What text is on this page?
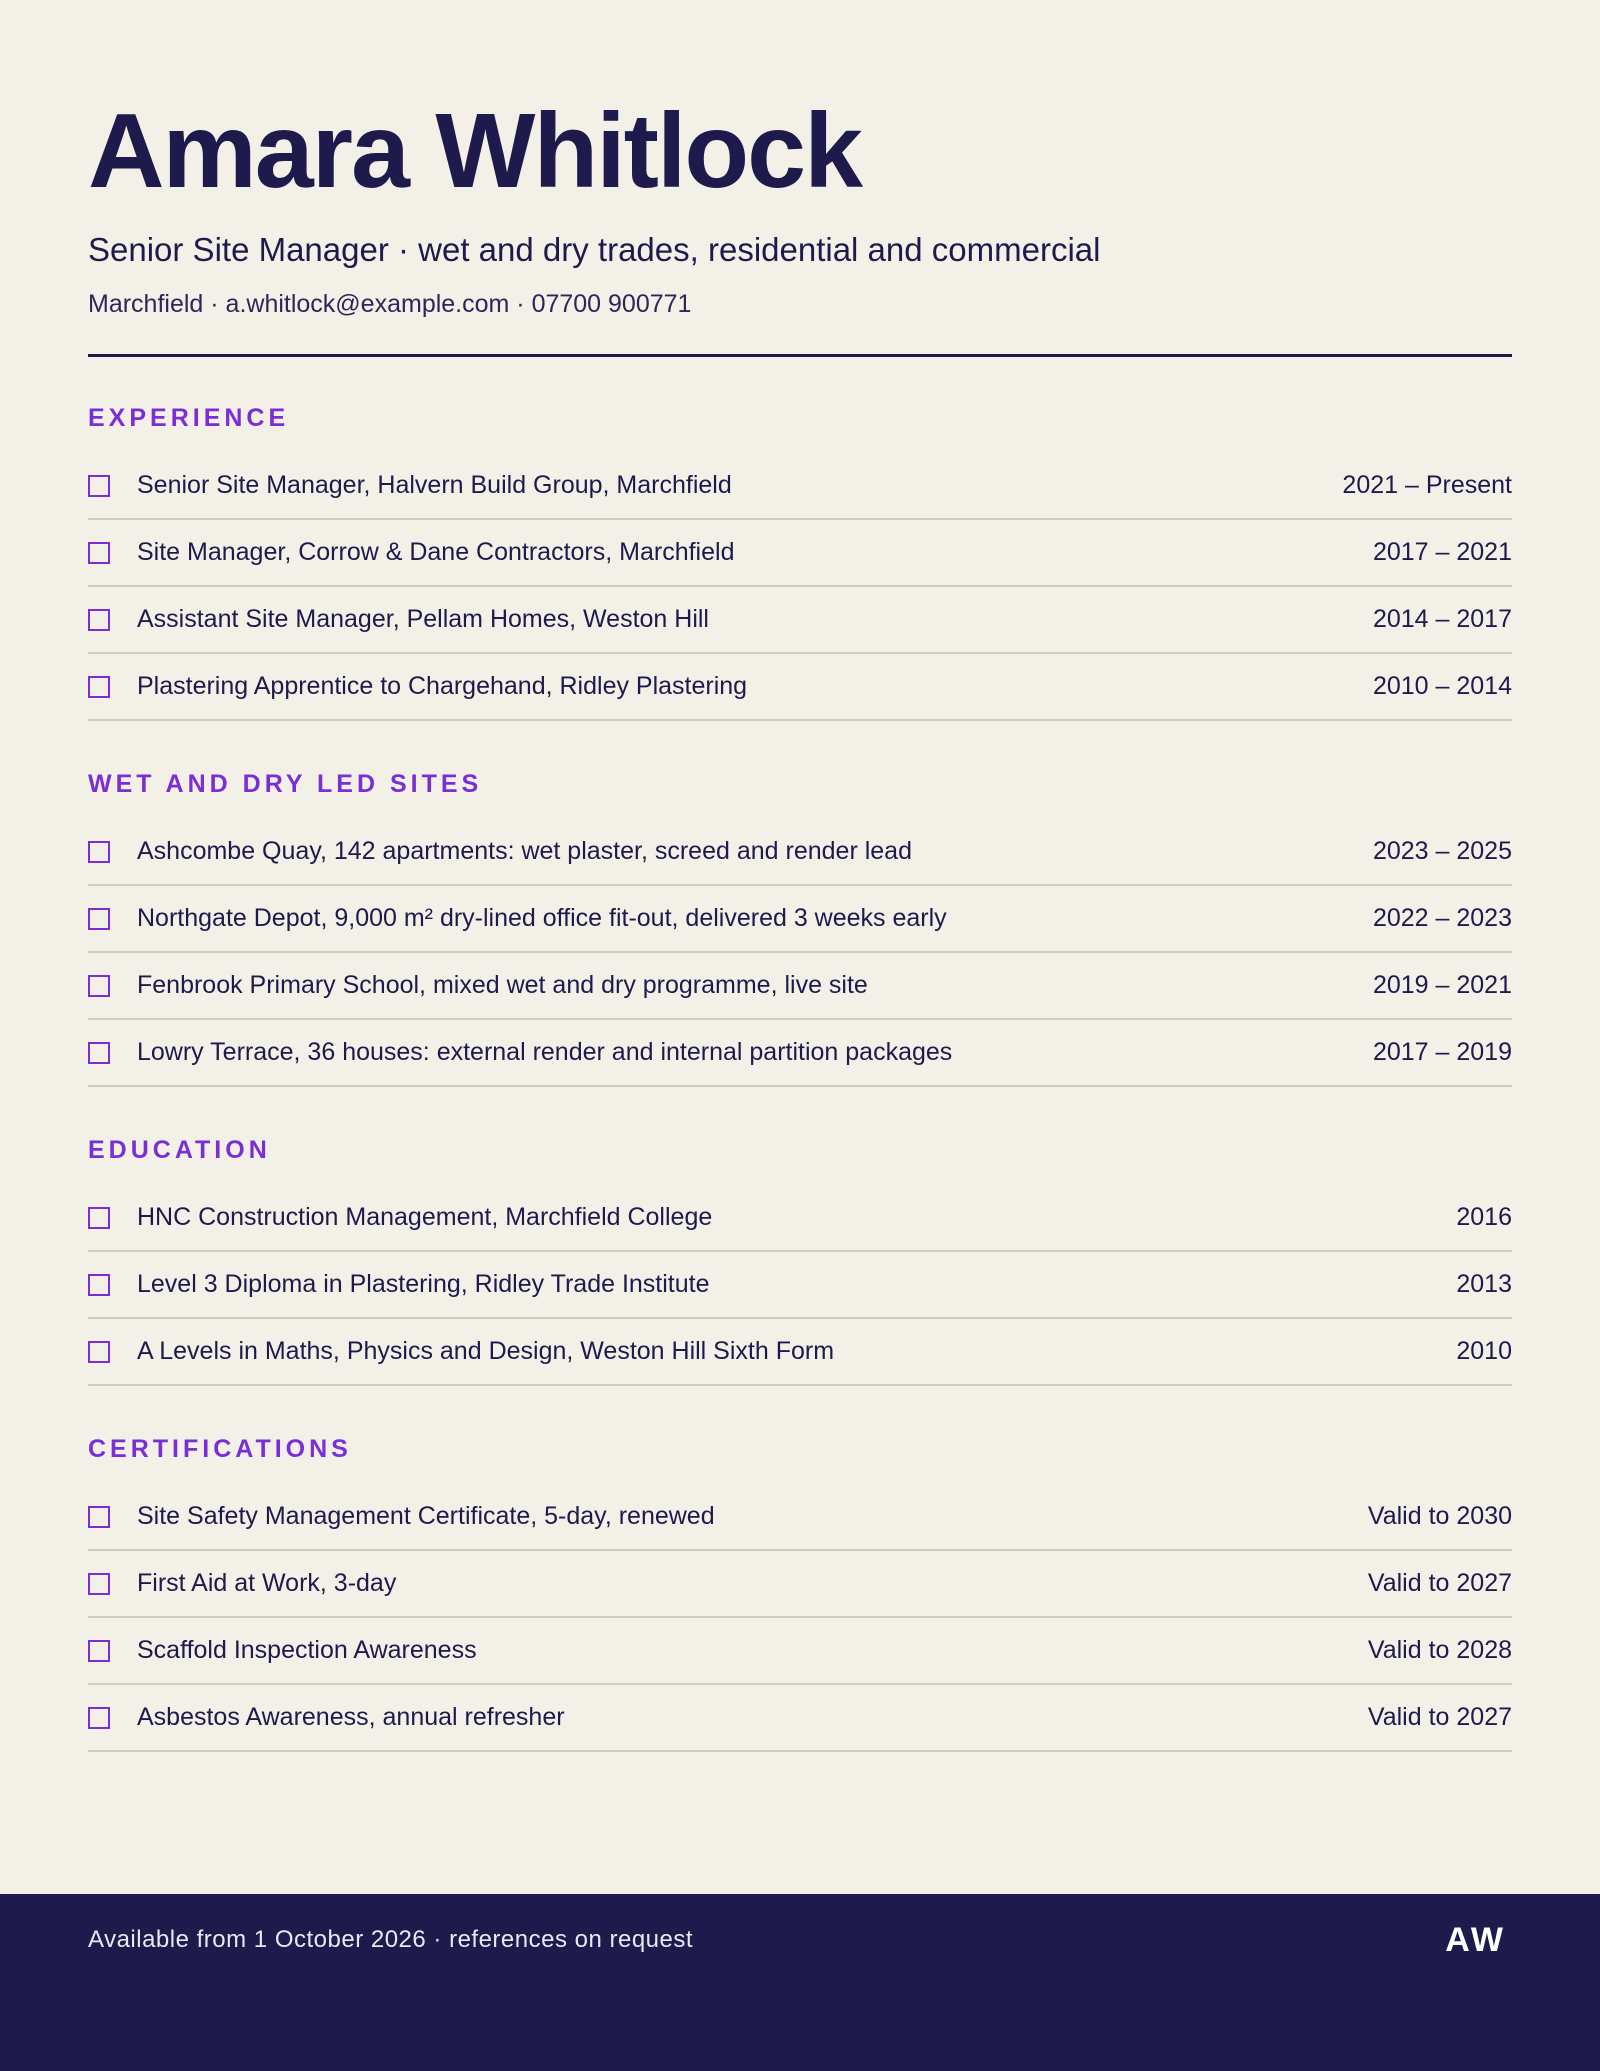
Amara Whitlock
Senior Site Manager · wet and dry trades, residential and commercial
Marchfield · a.whitlock@example.com · 07700 900771
EXPERIENCE
Senior Site Manager, Halvern Build Group, Marchfield	2021 – Present
Site Manager, Corrow & Dane Contractors, Marchfield	2017 – 2021
Assistant Site Manager, Pellam Homes, Weston Hill	2014 – 2017
Plastering Apprentice to Chargehand, Ridley Plastering	2010 – 2014
WET AND DRY LED SITES
Ashcombe Quay, 142 apartments: wet plaster, screed and render lead	2023 – 2025
Northgate Depot, 9,000 m² dry-lined office fit-out, delivered 3 weeks early	2022 – 2023
Fenbrook Primary School, mixed wet and dry programme, live site	2019 – 2021
Lowry Terrace, 36 houses: external render and internal partition packages	2017 – 2019
EDUCATION
HNC Construction Management, Marchfield College	2016
Level 3 Diploma in Plastering, Ridley Trade Institute	2013
A Levels in Maths, Physics and Design, Weston Hill Sixth Form	2010
CERTIFICATIONS
Site Safety Management Certificate, 5-day, renewed	Valid to 2030
First Aid at Work, 3-day	Valid to 2027
Scaffold Inspection Awareness	Valid to 2028
Asbestos Awareness, annual refresher	Valid to 2027
Available from 1 October 2026 · references on request	AW
